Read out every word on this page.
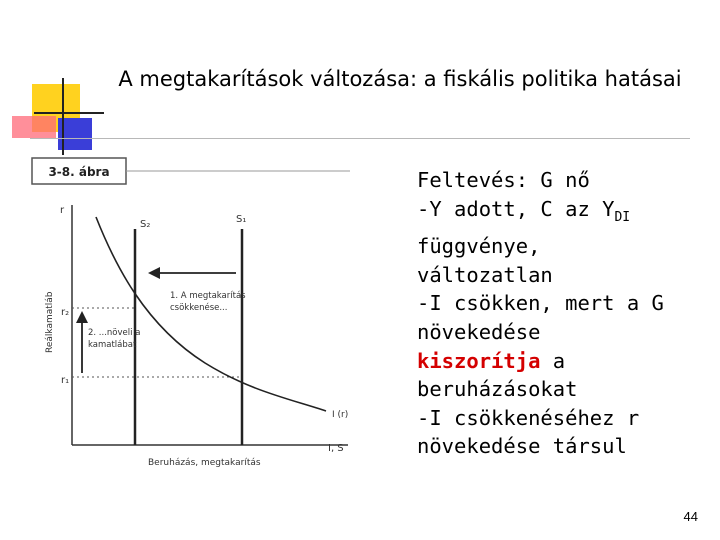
A megtakarítások változása: a fiskális politika hatásai
3-8. ábra
r
Reálkamatláb
Beruházás, megtakarítás
I, S
r₂
r₁
S₂	S₁
I (r)
1. A megtakarítás
csökkenése...
2. ...növeli a
kamatlábat
Feltevés: G nő
-Y adott, C az $Y_{DI}$
függvénye,
változatlan
-I csökken, mert a G
növekedése
kiszorítja a
beruházásokat
-I csökkenéséhez r
növekedése társul
44
